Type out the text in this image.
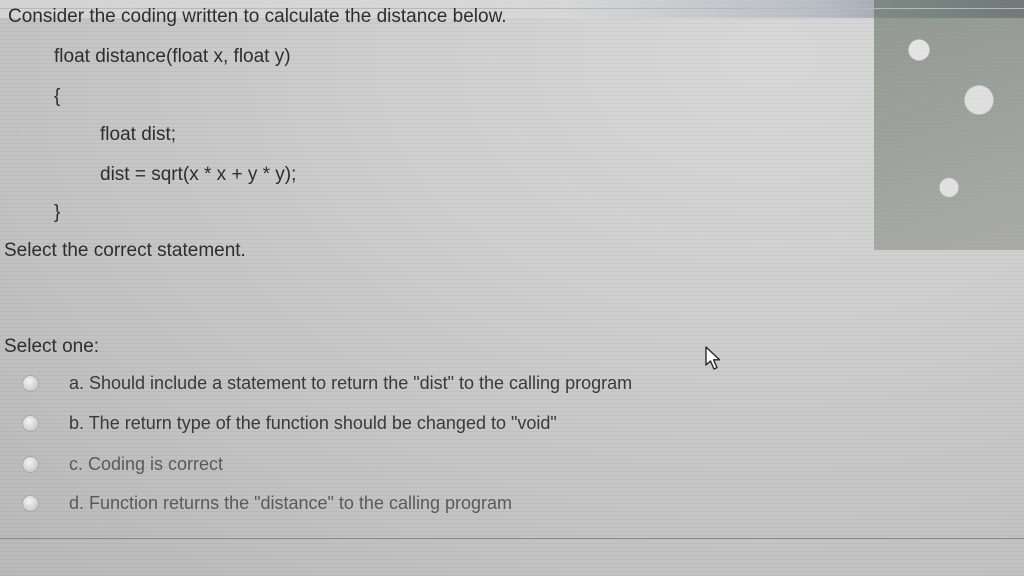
Consider the coding written to calculate the distance below.
float distance(float x, float y)
{
float dist;
dist = sqrt(x * x + y * y);
}
Select the correct statement.
Select one:
a. Should include a statement to return the "dist" to the calling program
b. The return type of the function should be changed to "void"
c. Coding is correct
d. Function returns the "distance" to the calling program
